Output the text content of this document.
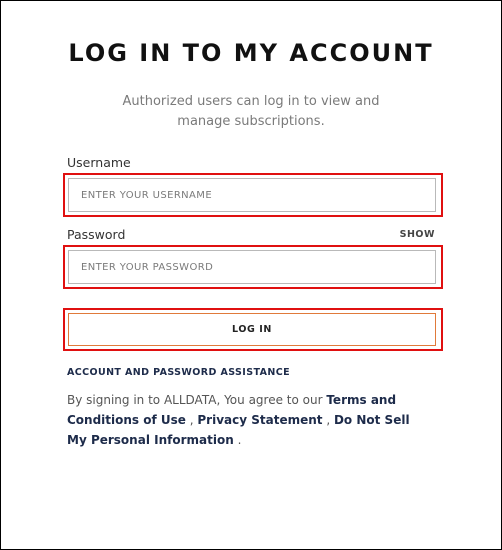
LOG IN TO MY ACCOUNT
Authorized users can log in to view and manage subscriptions.
Username
ENTER YOUR USERNAME
Password	SHOW
LOG IN
ACCOUNT AND PASSWORD ASSISTANCE
By signing in to ALLDATA, You agree to our Terms and Conditions of Use , Privacy Statement , Do Not Sell My Personal Information .
